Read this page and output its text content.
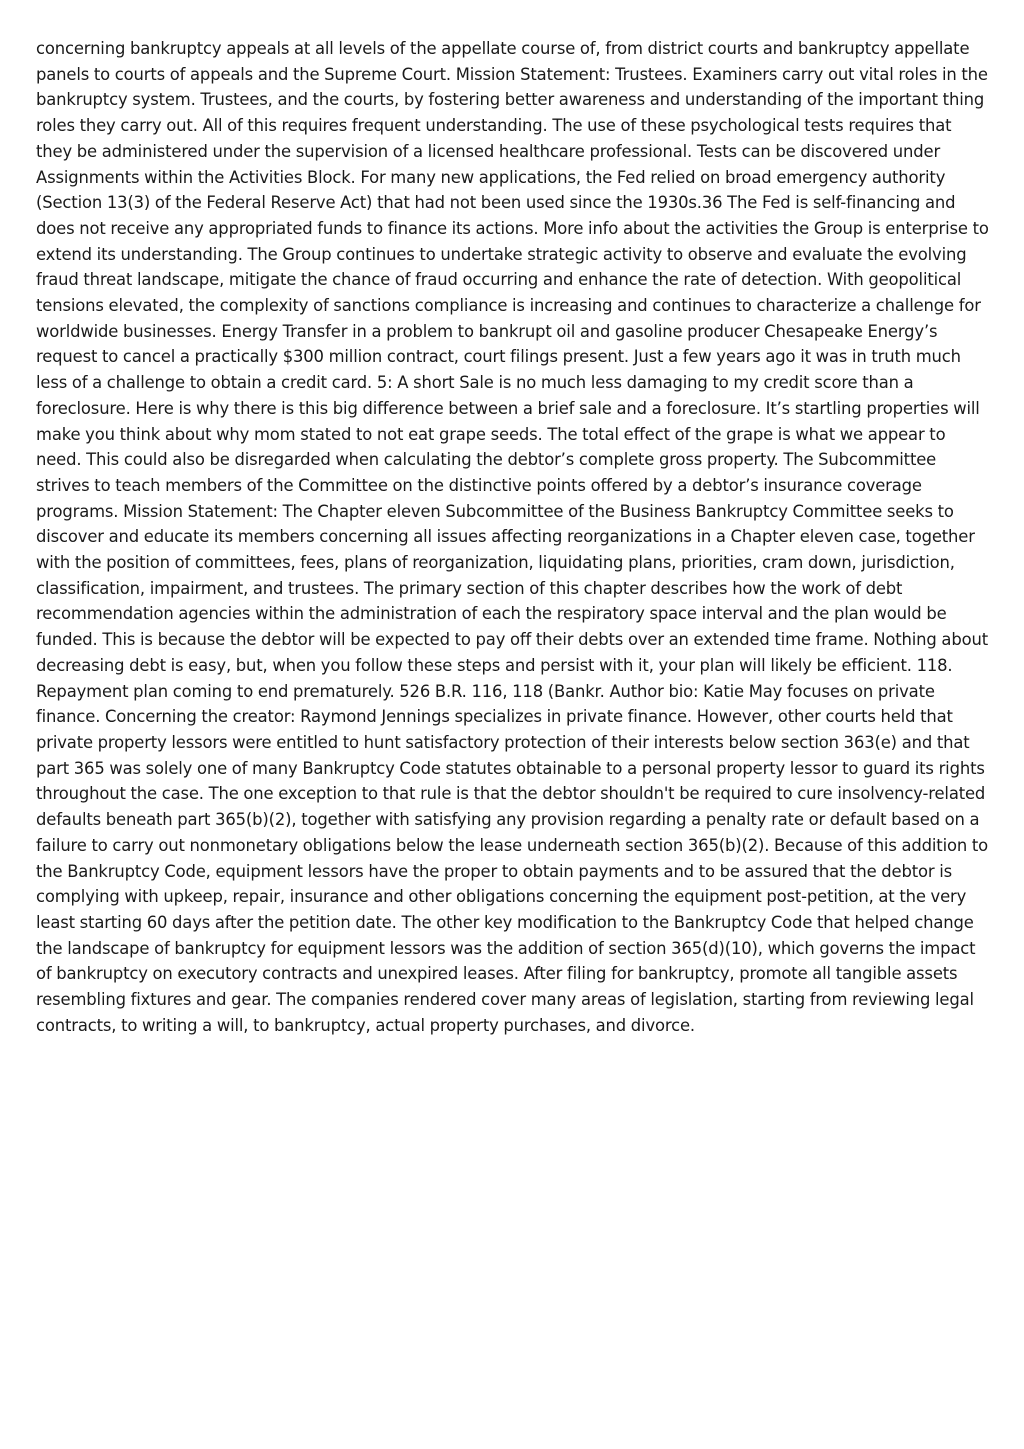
concerning bankruptcy appeals at all levels of the appellate course of, from district courts and bankruptcy appellate panels to courts of appeals and the Supreme Court. Mission Statement: Trustees. Examiners carry out vital roles in the bankruptcy system. Trustees, and the courts, by fostering better awareness and understanding of the important thing roles they carry out. All of this requires frequent understanding. The use of these psychological tests requires that they be administered under the supervision of a licensed healthcare professional. Tests can be discovered under Assignments within the Activities Block. For many new applications, the Fed relied on broad emergency authority (Section 13(3) of the Federal Reserve Act) that had not been used since the 1930s.36 The Fed is self-financing and does not receive any appropriated funds to finance its actions. More info about the activities the Group is enterprise to extend its understanding. The Group continues to undertake strategic activity to observe and evaluate the evolving fraud threat landscape, mitigate the chance of fraud occurring and enhance the rate of detection. With geopolitical tensions elevated, the complexity of sanctions compliance is increasing and continues to characterize a challenge for worldwide businesses. Energy Transfer in a problem to bankrupt oil and gasoline producer Chesapeake Energy’s request to cancel a practically $300 million contract, court filings present. Just a few years ago it was in truth much less of a challenge to obtain a credit card. 5: A short Sale is no much less damaging to my credit score than a foreclosure. Here is why there is this big difference between a brief sale and a foreclosure. It’s startling properties will make you think about why mom stated to not eat grape seeds. The total effect of the grape is what we appear to need. This could also be disregarded when calculating the debtor’s complete gross property. The Subcommittee strives to teach members of the Committee on the distinctive points offered by a debtor’s insurance coverage programs. Mission Statement: The Chapter eleven Subcommittee of the Business Bankruptcy Committee seeks to discover and educate its members concerning all issues affecting reorganizations in a Chapter eleven case, together with the position of committees, fees, plans of reorganization, liquidating plans, priorities, cram down, jurisdiction, classification, impairment, and trustees. The primary section of this chapter describes how the work of debt recommendation agencies within the administration of each the respiratory space interval and the plan would be funded. This is because the debtor will be expected to pay off their debts over an extended time frame. Nothing about decreasing debt is easy, but, when you follow these steps and persist with it, your plan will likely be efficient. 118. Repayment plan coming to end prematurely. 526 B.R. 116, 118 (Bankr. Author bio: Katie May focuses on private finance. Concerning the creator: Raymond Jennings specializes in private finance. However, other courts held that private property lessors were entitled to hunt satisfactory protection of their interests below section 363(e) and that part 365 was solely one of many Bankruptcy Code statutes obtainable to a personal property lessor to guard its rights throughout the case. The one exception to that rule is that the debtor shouldn't be required to cure insolvency-related defaults beneath part 365(b)(2), together with satisfying any provision regarding a penalty rate or default based on a failure to carry out nonmonetary obligations below the lease underneath section 365(b)(2). Because of this addition to the Bankruptcy Code, equipment lessors have the proper to obtain payments and to be assured that the debtor is complying with upkeep, repair, insurance and other obligations concerning the equipment post-petition, at the very least starting 60 days after the petition date. The other key modification to the Bankruptcy Code that helped change the landscape of bankruptcy for equipment lessors was the addition of section 365(d)(10), which governs the impact of bankruptcy on executory contracts and unexpired leases. After filing for bankruptcy, promote all tangible assets resembling fixtures and gear. The companies rendered cover many areas of legislation, starting from reviewing legal contracts, to writing a will, to bankruptcy, actual property purchases, and divorce.
